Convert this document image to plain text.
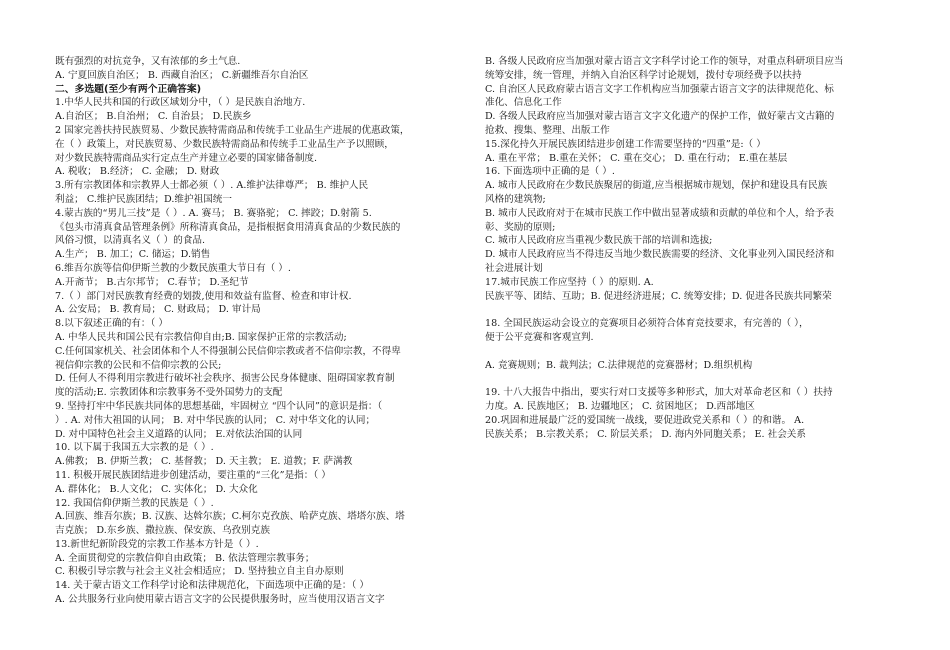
既有强烈的对抗竞争，又有浓郁的乡土气息.
A. 宁夏回族自治区； B. 西藏自治区； C.新疆维吾尔自治区
二、多选题(至少有两个正确答案)
1.中华人民共和国的行政区域划分中，（ ）是民族自治地方.
A.自治区； B.自治州； C. 自治县； D.民族乡
2 国家完善扶持民族贸易、少数民族特需商品和传统手工业品生产进展的优惠政策，
在（ ）政策上，对民族贸易、少数民族特需商品和传统手工业品生产予以照顾，
对少数民族特需商品实行定点生产并建立必要的国家储备制度.
A. 税收； B.经济； C. 金融； D. 财政
3.所有宗教团体和宗教界人士都必须（ ）. A.维护法律尊严； B. 维护人民
利益； C.维护民族团结；D.维护祖国统一
4.蒙古族的“男儿三技”是（ ）. A. 赛马； B. 赛骆驼； C. 摔跤；D.射箭 5.
《包头市清真食品管理条例》所称清真食品，是指根据食用清真食品的少数民族的
风俗习惯，以清真名义（ ）的食品.
A.生产； B. 加工；C. 储运；D.销售
6.维吾尔族等信仰伊斯兰教的少数民族重大节日有（ ）.
A.开斋节； B.古尔邦节； C.春节； D.圣纪节
7.（ ）部门对民族教育经费的划拨,使用和效益有监督、检查和审计权.
A. 公安局； B. 教育局； C. 财政局； D. 审计局
8.以下叙述正确的有：（ ）
A. 中华人民共和国公民有宗教信仰自由;B. 国家保护正常的宗教活动;
C.任何国家机关、社会团体和个人不得强制公民信仰宗教或者不信仰宗教，不得卑
视信仰宗教的公民和不信仰宗教的公民;
D. 任何人不得利用宗教进行破坏社会秩序、损害公民身体健康、阻碍国家教育制
度的活动;E. 宗教团体和宗教事务不受外国势力的支配
9. 坚持打牢中华民族共同体的思想基础，牢固树立 “四个认同”的意识是指：（
）. A. 对伟大祖国的认同； B. 对中华民族的认同； C. 对中华文化的认同；
D. 对中国特色社会主义道路的认同； E.对依法治国的认同
10. 以下属于我国五大宗教的是（ ）.
A.佛教； B. 伊斯兰教； C. 基督教； D. 天主教； E. 道教；F. 萨满教
11. 积极开展民族团结进步创建活动，要注重的“三化”是指：（ ）
A. 群体化； B.人文化； C. 实体化； D. 大众化
12. 我国信仰伊斯兰教的民族是（ ）.
A.回族、维吾尔族；B. 汉族、达斡尔族；C.柯尔克孜族、哈萨克族、塔塔尔族、塔
吉克族； D.东乡族、撒拉族、保安族、乌孜别克族
13.新世纪新阶段党的宗教工作基本方针是（ ）.
A. 全面贯彻党的宗教信仰自由政策； B. 依法管理宗教事务；
C. 积极引导宗教与社会主义社会相适应； D. 坚持独立自主自办原则
14. 关于蒙古语文工作科学讨论和法律规范化，下面选项中正确的是：（ ）
A. 公共服务行业向使用蒙古语言文字的公民提供服务时，应当使用汉语言文字
B. 各级人民政府应当加强对蒙古语言文字科学讨论工作的领导，对重点科研项目应当
统筹安排，统一管理，并纳入自治区科学讨论规划，拨付专项经费予以扶持
C. 自治区人民政府蒙古语言文字工作机构应当加强蒙古语言文字的法律规范化、标
准化、信息化工作
D. 各级人民政府应当加强对蒙古语言文字文化遗产的保护工作，做好蒙古文古籍的
抢救、搜集、整理、出版工作
15.深化持久开展民族团结进步创建工作需要坚持的“四重”是:（ ）
A. 重在平常； B.重在关怀； C. 重在交心； D. 重在行动； E.重在基层
16. 下面选项中正确的是（ ）.
A. 城市人民政府在少数民族聚居的街道,应当根据城市规划，保护和建设具有民族
风格的建筑物;
B. 城市人民政府对于在城市民族工作中做出显著成绩和贡献的单位和个人，给予表
彰、奖励的原则;
C. 城市人民政府应当重视少数民族干部的培训和选拔;
D. 城市人民政府应当不得违反当地少数民族需要的经济、文化事业列入国民经济和
社会进展计划
17.城市民族工作应坚持（ ）的原则. A.
民族平等、团结、互助；B. 促进经济进展；C. 统筹安排；D. 促进各民族共同繁荣
18. 全国民族运动会设立的竞赛项目必须符合体育竞技要求，有完善的（ ），
便于公平竞赛和客观宣判.
A. 竞赛规则；B. 裁判法；C.法律规范的竞赛器材；D.组织机构
19. 十八大报告中指出，要实行对口支援等多种形式，加大对革命老区和（ ）扶持
力度。A. 民族地区； B. 边疆地区； C. 贫困地区； D.西部地区
20.巩固和进展最广泛的爱国统一战线，要促进政党关系和（ ）的和谐。 A.
民族关系； B.宗教关系； C. 阶层关系； D. 海内外同胞关系； E. 社会关系
